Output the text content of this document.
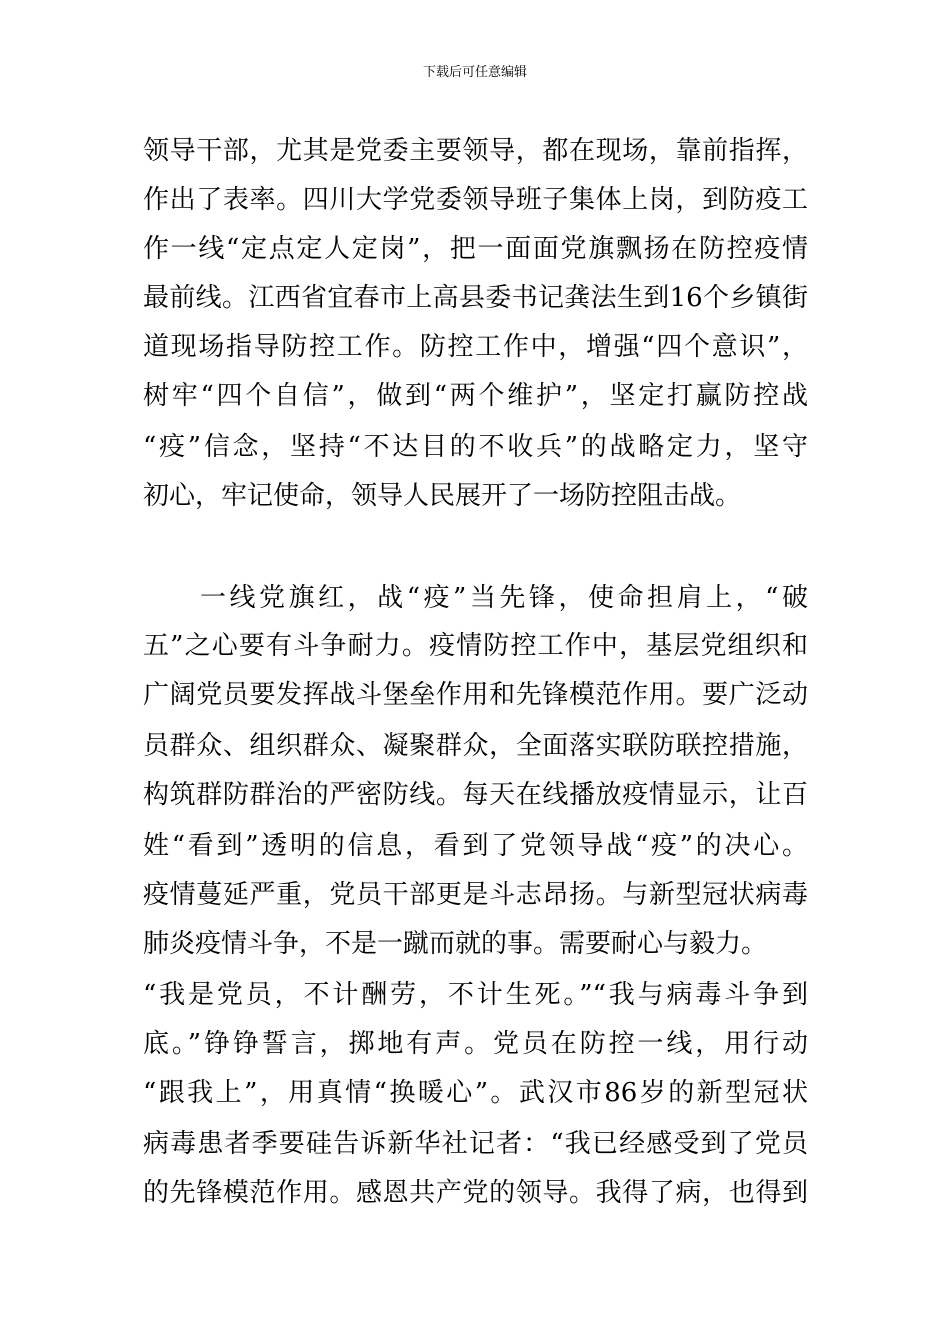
下载后可任意编辑
领导干部，尤其是党委主要领导，都在现场，靠前指挥，
作出了表率。四川大学党委领导班子集体上岗，到防疫工
作一线“定点定人定岗”，把一面面党旗飘扬在防控疫情
最前线。江西省宜春市上高县委书记龚法生到16个乡镇街
道现场指导防控工作。防控工作中，增强“四个意识”，
树牢“四个自信”，做到“两个维护”，坚定打赢防控战
“疫”信念，坚持“不达目的不收兵”的战略定力，坚守
初心，牢记使命，领导人民展开了一场防控阻击战。
一线党旗红，战“疫”当先锋，使命担肩上，“破
五”之心要有斗争耐力。疫情防控工作中，基层党组织和
广阔党员要发挥战斗堡垒作用和先锋模范作用。要广泛动
员群众、组织群众、凝聚群众，全面落实联防联控措施，
构筑群防群治的严密防线。每天在线播放疫情显示，让百
姓“看到”透明的信息，看到了党领导战“疫”的决心。
疫情蔓延严重，党员干部更是斗志昂扬。与新型冠状病毒
肺炎疫情斗争，不是一蹴而就的事。需要耐心与毅力。
“我是党员，不计酬劳，不计生死。”“我与病毒斗争到
底。”铮铮誓言，掷地有声。党员在防控一线，用行动
“跟我上”，用真情“换暖心”。武汉市86岁的新型冠状
病毒患者季要硅告诉新华社记者：“我已经感受到了党员
的先锋模范作用。感恩共产党的领导。我得了病，也得到
